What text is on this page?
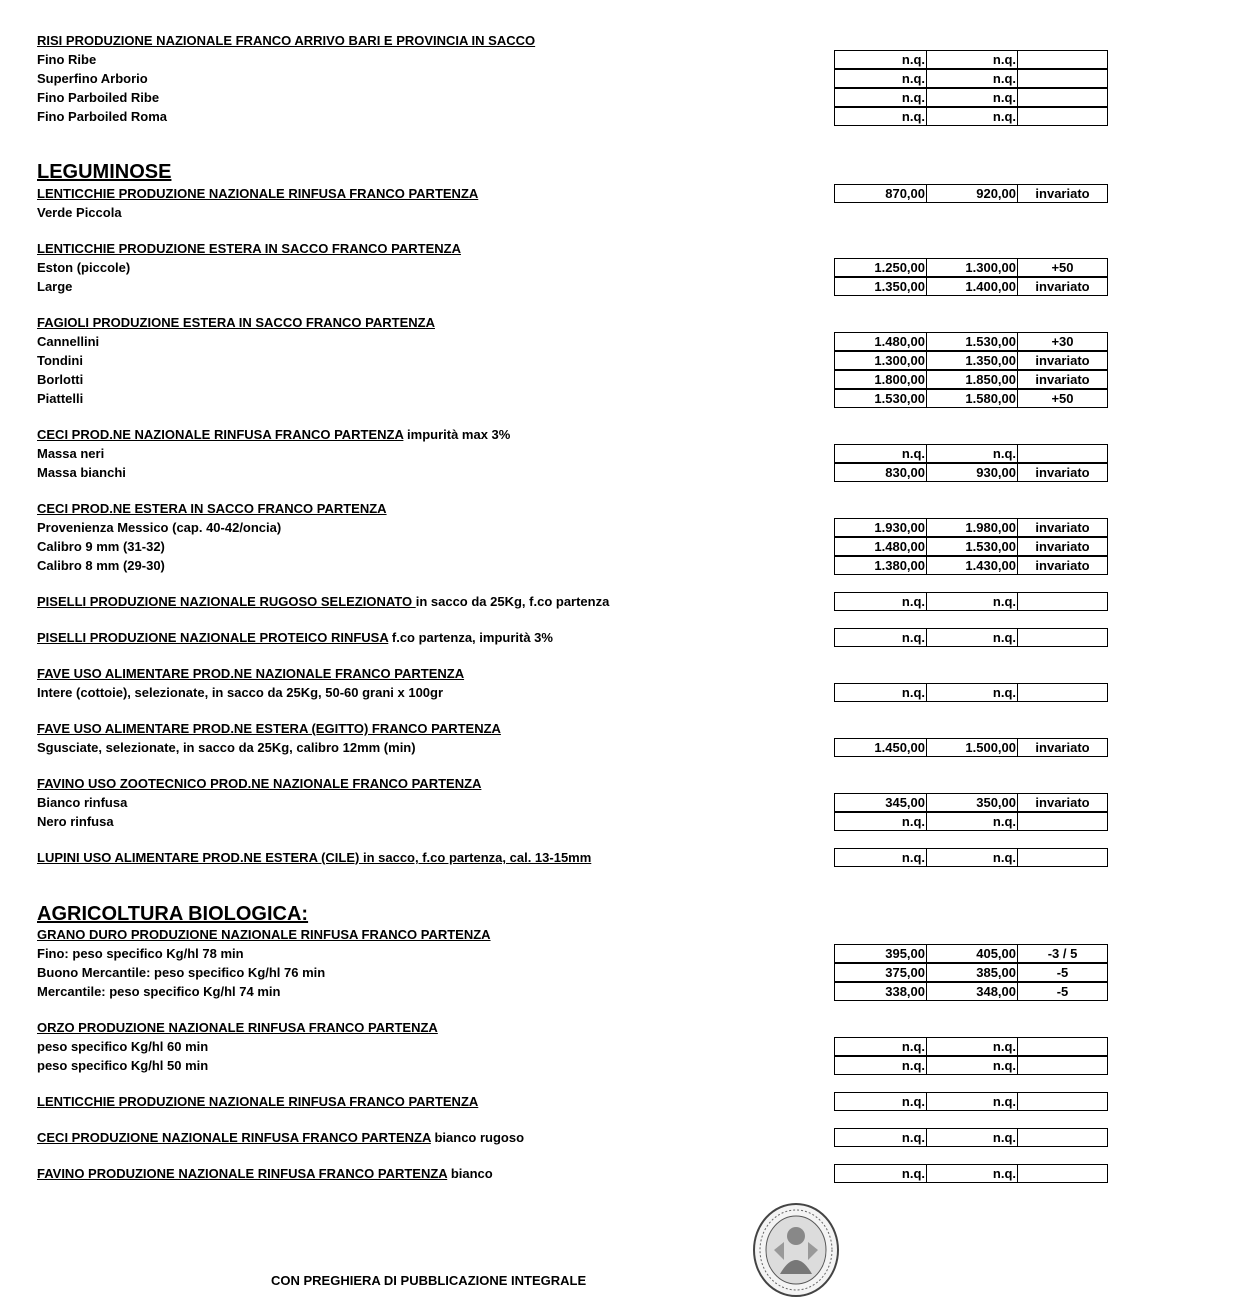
RISI PRODUZIONE NAZIONALE FRANCO ARRIVO BARI E PROVINCIA IN SACCO
Fino Ribe	n.q.	n.q.
Superfino Arborio	n.q.	n.q.
Fino Parboiled Ribe	n.q.	n.q.
Fino Parboiled Roma	n.q.	n.q.
LEGUMINOSE
LENTICCHIE PRODUZIONE NAZIONALE RINFUSA FRANCO PARTENZA	870,00	920,00	invariato
Verde Piccola
LENTICCHIE PRODUZIONE ESTERA IN SACCO FRANCO PARTENZA
Eston (piccole)	1.250,00	1.300,00	+50
Large	1.350,00	1.400,00	invariato
FAGIOLI PRODUZIONE ESTERA IN SACCO FRANCO PARTENZA
Cannellini	1.480,00	1.530,00	+30
Tondini	1.300,00	1.350,00	invariato
Borlotti	1.800,00	1.850,00	invariato
Piattelli	1.530,00	1.580,00	+50
CECI PROD.NE NAZIONALE RINFUSA FRANCO PARTENZA impurità max 3%
Massa neri	n.q.	n.q.
Massa bianchi	830,00	930,00	invariato
CECI PROD.NE ESTERA IN SACCO FRANCO PARTENZA
Provenienza Messico (cap. 40-42/oncia)	1.930,00	1.980,00	invariato
Calibro 9 mm (31-32)	1.480,00	1.530,00	invariato
Calibro 8 mm (29-30)	1.380,00	1.430,00	invariato
PISELLI PRODUZIONE NAZIONALE RUGOSO SELEZIONATO in sacco da 25Kg, f.co partenza	n.q.	n.q.
PISELLI PRODUZIONE NAZIONALE PROTEICO RINFUSA f.co partenza, impurità 3%	n.q.	n.q.
FAVE USO ALIMENTARE PROD.NE NAZIONALE FRANCO PARTENZA
Intere (cottoie), selezionate, in sacco da 25Kg, 50-60 grani x 100gr	n.q.	n.q.
FAVE USO ALIMENTARE PROD.NE ESTERA (EGITTO) FRANCO PARTENZA
Sgusciate, selezionate, in sacco da 25Kg, calibro 12mm (min)	1.450,00	1.500,00	invariato
FAVINO USO ZOOTECNICO PROD.NE NAZIONALE FRANCO PARTENZA
Bianco rinfusa	345,00	350,00	invariato
Nero rinfusa	n.q.	n.q.
LUPINI USO ALIMENTARE PROD.NE ESTERA (CILE) in sacco, f.co partenza, cal. 13-15mm	n.q.	n.q.
AGRICOLTURA BIOLOGICA:
GRANO DURO PRODUZIONE NAZIONALE RINFUSA FRANCO PARTENZA
Fino: peso specifico Kg/hl 78 min	395,00	405,00	-3 / 5
Buono Mercantile: peso specifico Kg/hl 76 min	375,00	385,00	-5
Mercantile: peso specifico Kg/hl 74 min	338,00	348,00	-5
ORZO PRODUZIONE NAZIONALE RINFUSA FRANCO PARTENZA
peso specifico Kg/hl 60 min	n.q.	n.q.
peso specifico Kg/hl 50 min	n.q.	n.q.
LENTICCHIE PRODUZIONE NAZIONALE RINFUSA FRANCO PARTENZA	n.q.	n.q.
CECI PRODUZIONE NAZIONALE RINFUSA FRANCO PARTENZA bianco rugoso	n.q.	n.q.
FAVINO PRODUZIONE NAZIONALE RINFUSA FRANCO PARTENZA bianco	n.q.	n.q.
CON PREGHIERA DI PUBBLICAZIONE INTEGRALE
